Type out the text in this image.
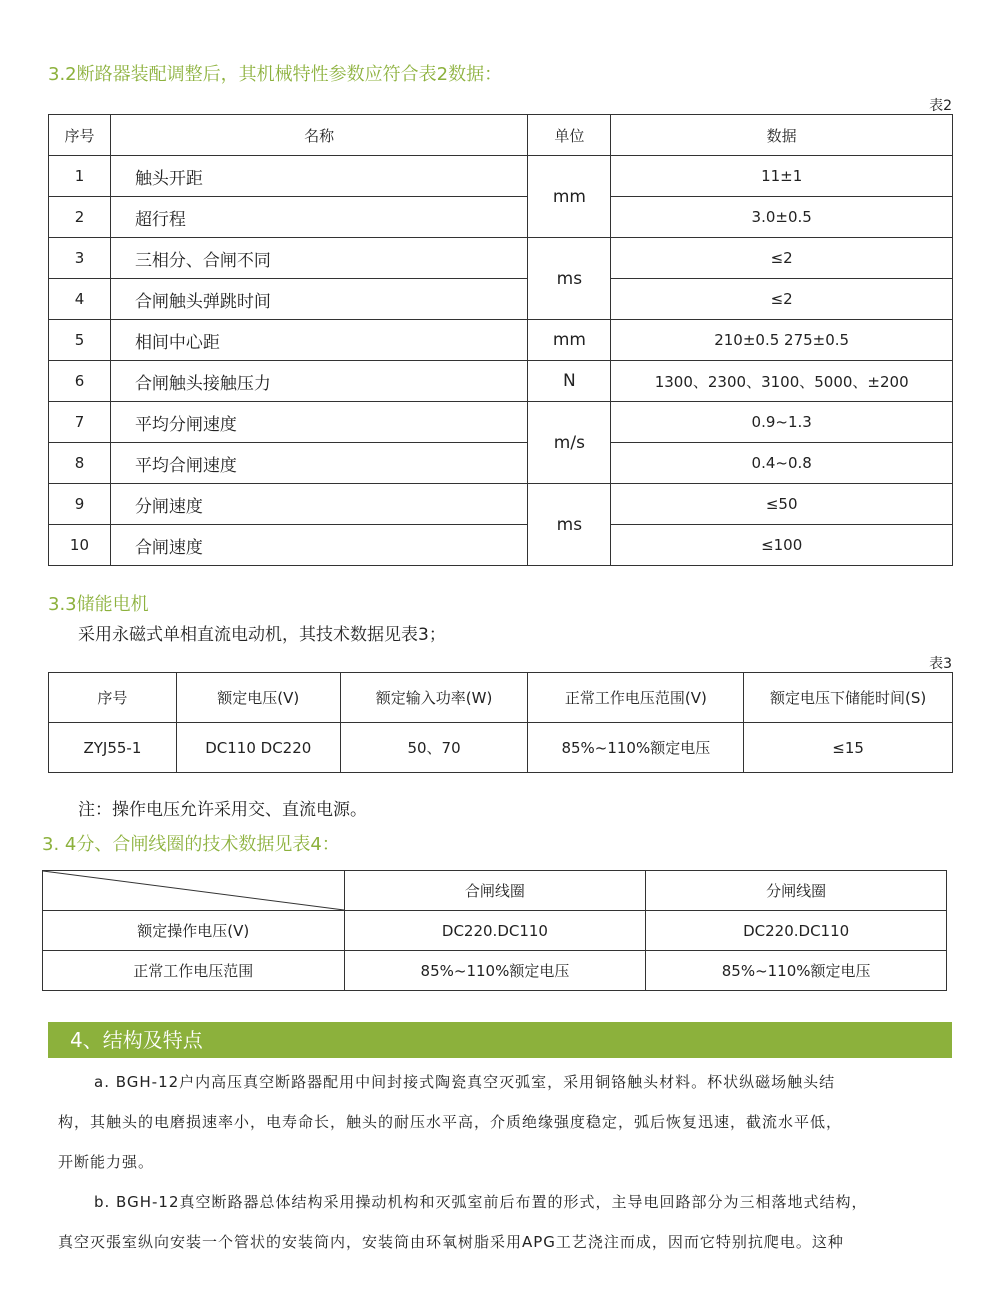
3.2断路器装配调整后，其机械特性参数应符合表2数据：
表2
序号	名称	单位	数据
1	触头开距	mm	11±1
2	超行程		3.0±0.5
3	三相分、合闸不同	ms	≤2
4	合闸触头弹跳时间		≤2
5	相间中心距	mm	210±0.5 275±0.5
6	合闸触头接触压力	N	1300、2300、3100、5000、±200
7	平均分闸速度	m/s	0.9~1.3
8	平均合闸速度		0.4~0.8
9	分闸速度	ms	≤50
10	合闸速度		≤100
3.3储能电机
采用永磁式单相直流电动机，其技术数据见表3；
表3
序号	额定电压(V)	额定输入功率(W)	正常工作电压范围(V)	额定电压下储能时间(S)
ZYJ55-1	DC110 DC220	50、70	85%~110%额定电压	≤15
注：操作电压允许采用交、直流电源。
3. 4分、合闸线圈的技术数据见表4：
	合闸线圈	分闸线圈
额定操作电压(V)	DC220.DC110	DC220.DC110
正常工作电压范围	85%~110%额定电压	85%~110%额定电压
4、结构及特点
a. BGH-12户内高压真空断路器配用中间封接式陶瓷真空灭弧室，采用铜铬触头材料。杯状纵磁场触头结
构，其触头的电磨损速率小，电寿命长，触头的耐压水平高，介质绝缘强度稳定，弧后恢复迅速，截流水平低，
开断能力强。
b. BGH-12真空断路器总体结构采用操动机构和灭弧室前后布置的形式，主导电回路部分为三相落地式结构，
真空灭張室纵向安装一个管状的安装筒内，安装筒由环氧树脂采用APG工艺浇注而成，因而它特别抗爬电。这种
